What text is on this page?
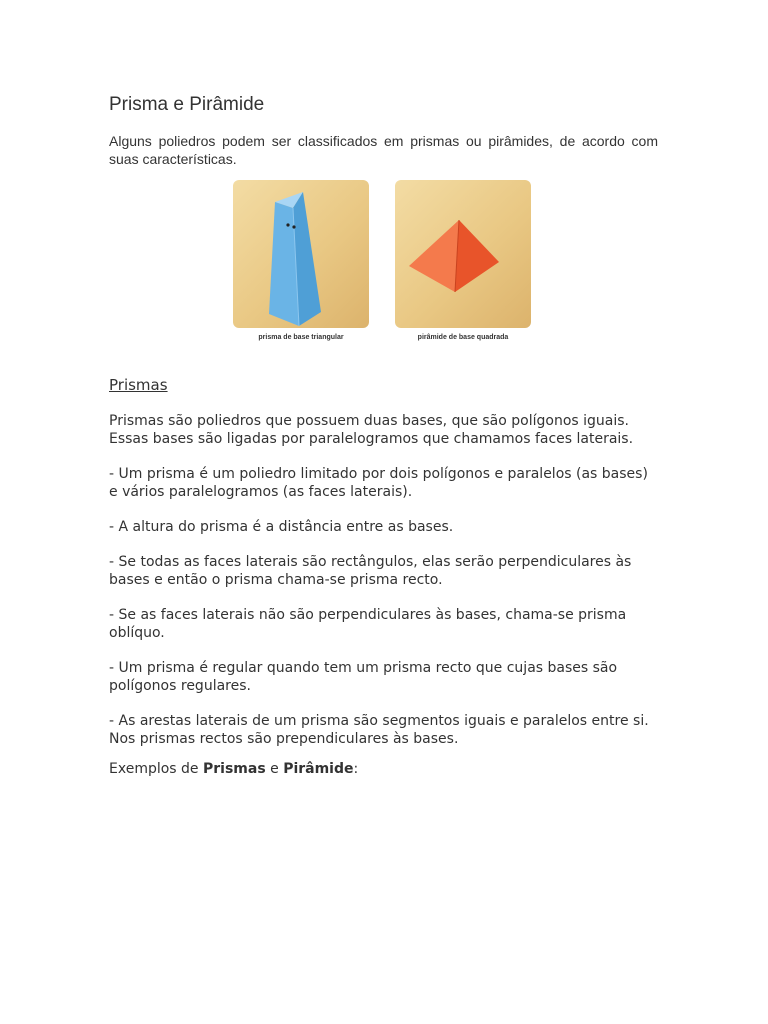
Prisma e Pirâmide

Alguns poliedros podem ser classificados em prismas ou pirâmides, de acordo com suas características.

prisma de base triangular	pirâmide de base quadrada
Prismas

Prismas são poliedros que possuem duas bases, que são polígonos iguais. Essas bases são ligadas por paralelogramos que chamamos faces laterais.

- Um prisma é um poliedro limitado por dois polígonos e paralelos (as bases) e vários paralelogramos (as faces laterais).

- A altura do prisma é a distância entre as bases.

- Se todas as faces laterais são rectângulos, elas serão perpendiculares às bases e então o prisma chama-se prisma recto.

- Se as faces laterais não são perpendiculares às bases, chama-se prisma oblíquo.

- Um prisma é regular quando tem um prisma recto que cujas bases são polígonos regulares.

- As arestas laterais de um prisma são segmentos iguais e paralelos entre si. Nos prismas rectos são prependiculares às bases.

Exemplos de Prismas e Pirâmide:
